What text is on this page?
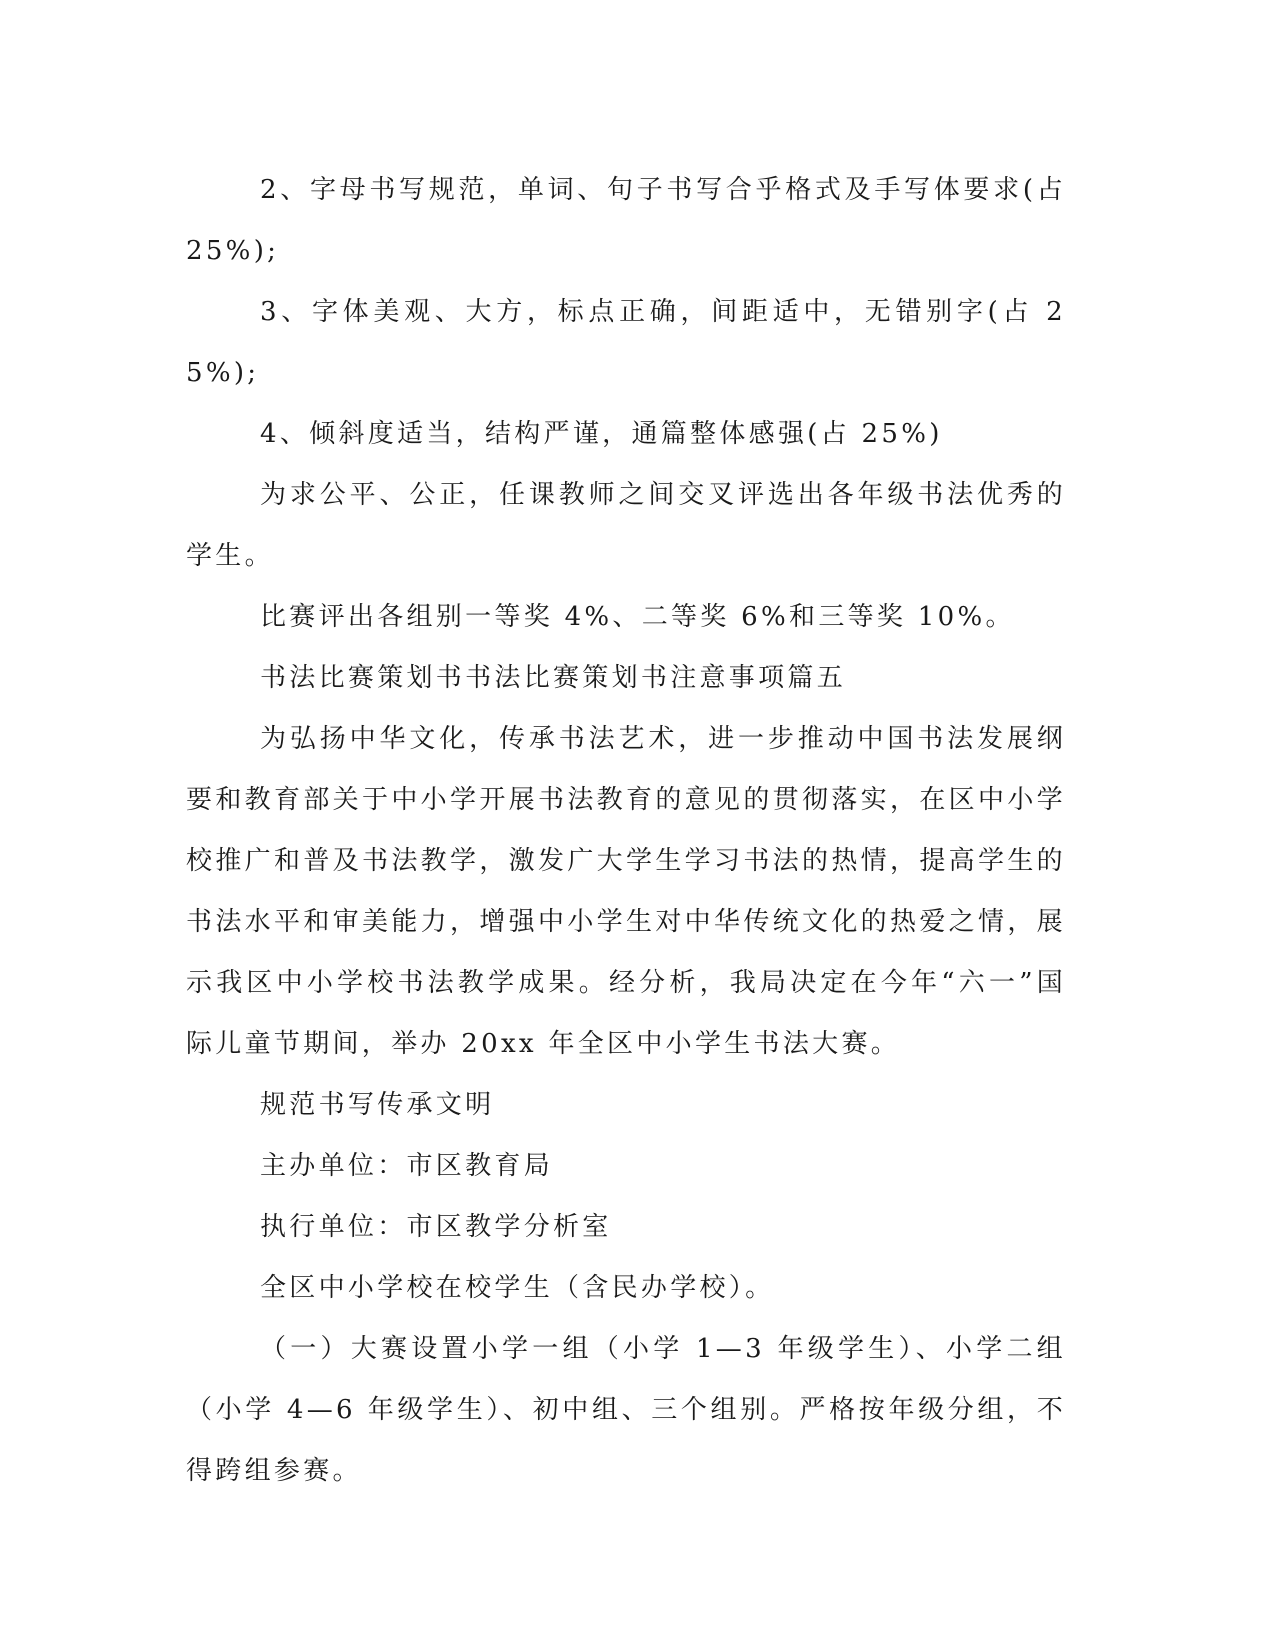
2、字母书写规范，单词、句子书写合乎格式及手写体要求(占25%);

3、字体美观、大方，标点正确，间距适中，无错别字(占 25%);

4、倾斜度适当，结构严谨，通篇整体感强(占 25%)

为求公平、公正，任课教师之间交叉评选出各年级书法优秀的学生。

比赛评出各组别一等奖 4%、二等奖 6%和三等奖 10%。

书法比赛策划书书法比赛策划书注意事项篇五

为弘扬中华文化，传承书法艺术，进一步推动中国书法发展纲要和教育部关于中小学开展书法教育的意见的贯彻落实，在区中小学校推广和普及书法教学，激发广大学生学习书法的热情，提高学生的书法水平和审美能力，增强中小学生对中华传统文化的热爱之情，展示我区中小学校书法教学成果。经分析，我局决定在今年“六一”国际儿童节期间，举办 20xx 年全区中小学生书法大赛。

规范书写传承文明

主办单位：市区教育局

执行单位：市区教学分析室

全区中小学校在校学生（含民办学校）。

（一）大赛设置小学一组（小学 1—3 年级学生）、小学二组（小学 4—6 年级学生）、初中组、三个组别。严格按年级分组，不得跨组参赛。
